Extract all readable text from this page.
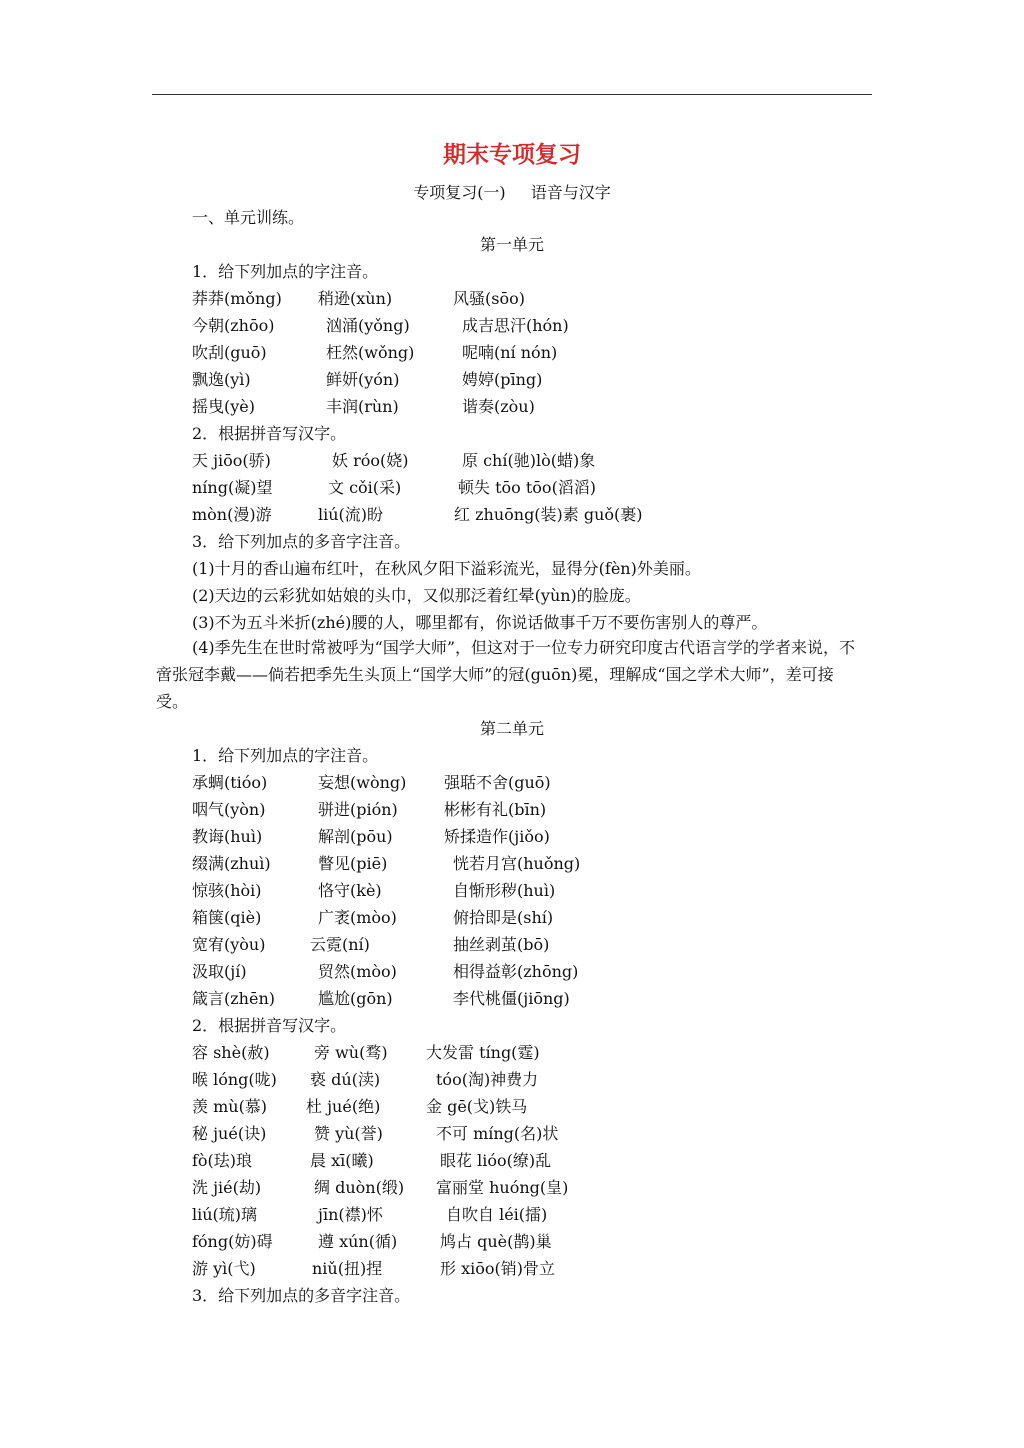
期末专项复习
专项复习(一) 语音与汉字
一、单元训练。
第一单元
1．给下列加点的字注音。
莽莽(mǒng) 稍逊(xùn)	风骚(sōo)
今朝(zhōo)	汹涌(yǒng)	成吉思汗(hón)
吹刮(guō)	枉然(wǒng)	呢喃(ní nón)
飘逸(yì)	鲜妍(yón)	娉婷(pīng)
摇曳(yè)	丰润(rùn)	谐奏(zòu)
2．根据拼音写汉字。
天 jiōo(骄)	妖 róo(娆)	原 chí(驰)lò(蜡)象
níng(凝)望	文 cǒi(采)	顿失 tōo tōo(滔滔)
mòn(漫)游	liú(流)盼	红 zhuōng(装)素 guǒ(裹)
3．给下列加点的多音字注音。
(1)十月的香山遍布红叶，在秋风夕阳下溢彩流光，显得分(fèn)外美丽。
(2)天边的云彩犹如姑娘的头巾，又似那泛着红晕(yùn)的脸庞。
(3)不为五斗米折(zhé)腰的人，哪里都有，你说话做事千万不要伤害别人的尊严。
(4)季先生在世时常被呼为“国学大师”，但这对于一位专力研究印度古代语言学的学者来说，不啻张冠李戴——倘若把季先生头顶上“国学大师”的冠(guōn)冕，理解成“国之学术大师”，差可接受。
第二单元
1．给下列加点的字注音。
承蜩(tióo)	妄想(wòng) 强聒不舍(guō)
咽气(yòn)	骈进(pión)	彬彬有礼(bīn)
教诲(huì)	解剖(pōu)	矫揉造作(jiǒo)
缀满(zhuì)	瞥见(piē)	恍若月宫(huǒng)
惊骇(hòi)	恪守(kè)	自惭形秽(huì)
箱箧(qiè)	广袤(mòo)	俯拾即是(shí)
宽宥(yòu)	云霓(ní)	抽丝剥茧(bō)
汲取(jí)	贸然(mòo)	相得益彰(zhōng)
箴言(zhēn)	尴尬(gōn)	李代桃僵(jiōng)
2．根据拼音写汉字。
容 shè(赦)	旁 wù(骛) 大发雷 tíng(霆)
喉 lóng(咙) 亵 dú(渎)	tóo(淘)神费力
羡 mù(慕) 杜 jué(绝)	金 gē(戈)铁马
秘 jué(诀)	赞 yù(誉)	不可 míng(名)状
fò(珐)琅	晨 xī(曦)	眼花 lióo(缭)乱
洗 jié(劫)	绸 duòn(缎) 富丽堂 huóng(皇)
liú(琉)璃	jīn(襟)怀	自吹自 léi(擂)
fóng(妨)碍	遵 xún(循)	鸠占 què(鹊)巢
游 yì(弋)	niǔ(扭)捏	形 xiōo(销)骨立
3．给下列加点的多音字注音。
